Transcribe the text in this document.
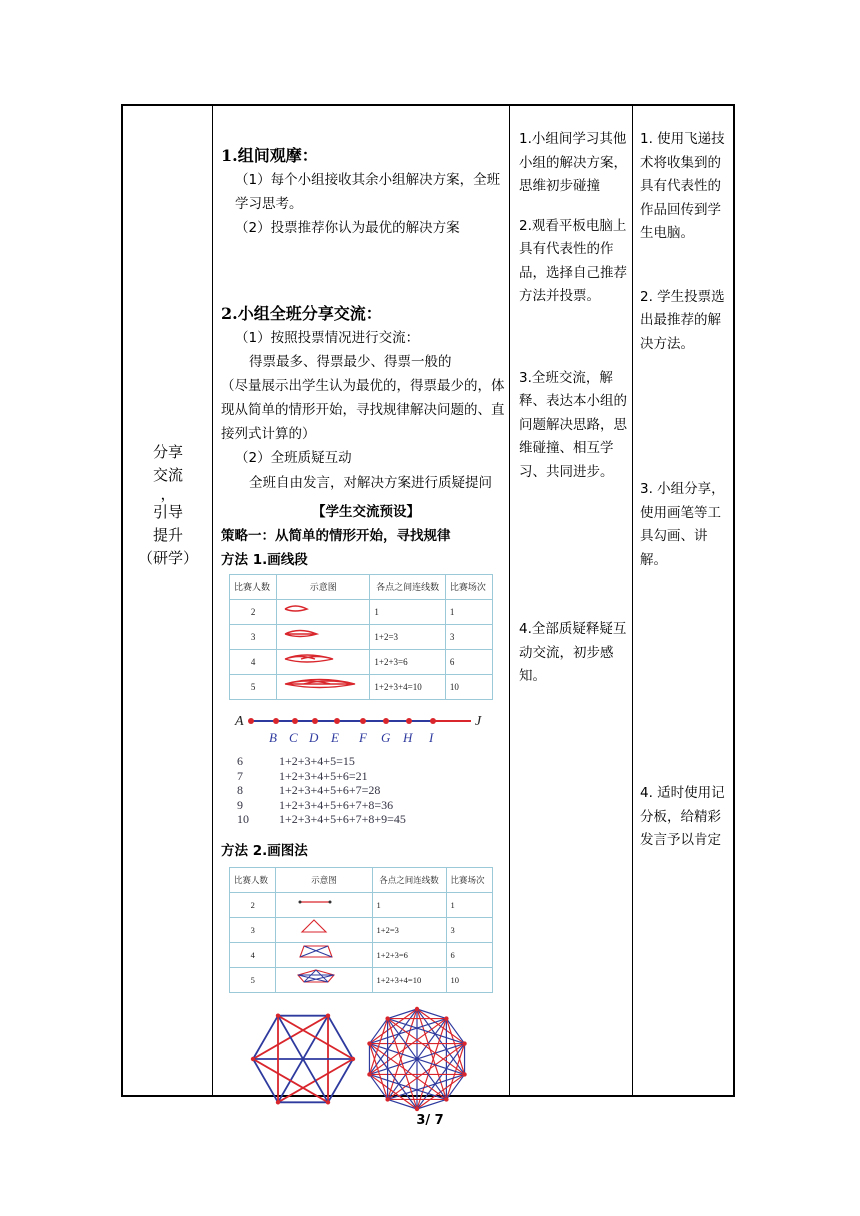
分享
交流
，
引导
提升
（研学）
1.组间观摩：
（1）每个小组接收其余小组解决方案，全班学习思考。
（2）投票推荐你认为最优的解决方案
2.小组全班分享交流：
（1）按照投票情况进行交流：
得票最多、得票最少、得票一般的
（尽量展示出学生认为最优的，得票最少的，体现从简单的情形开始，寻找规律解决问题的、直接列式计算的）
（2）全班质疑互动
全班自由发言，对解决方案进行质疑提问
【学生交流预设】
策略一：从简单的情形开始，寻找规律
方法 1.画线段
比赛人数	示意图	各点之间连线数	比赛场次
2		1	1
3		1+2=3	3
4		1+2+3=6	6
5		1+2+3+4=10	10
A	J
B C D E F G H I
6	1+2+3+4+5=15
7	1+2+3+4+5+6=21
8	1+2+3+4+5+6+7=28
9	1+2+3+4+5+6+7+8=36
10	1+2+3+4+5+6+7+8+9=45
方法 2.画图法
比赛人数	示意图	各点之间连线数	比赛场次
2		1	1
3		1+2=3	3
4		1+2+3=6	6
5		1+2+3+4=10	10
1.小组间学习其他小组的解决方案，思维初步碰撞
2.观看平板电脑上具有代表性的作品，选择自己推荐方法并投票。
3.全班交流，解释、表达本小组的问题解决思路，思维碰撞、相互学习、共同进步。
4.全部质疑释疑互动交流，初步感知。
1. 使用飞递技术将收集到的具有代表性的作品回传到学生电脑。
2. 学生投票选出最推荐的解决方法。
3. 小组分享，使用画笔等工具勾画、讲解。
4. 适时使用记分板，给精彩发言予以肯定
3/ 7
